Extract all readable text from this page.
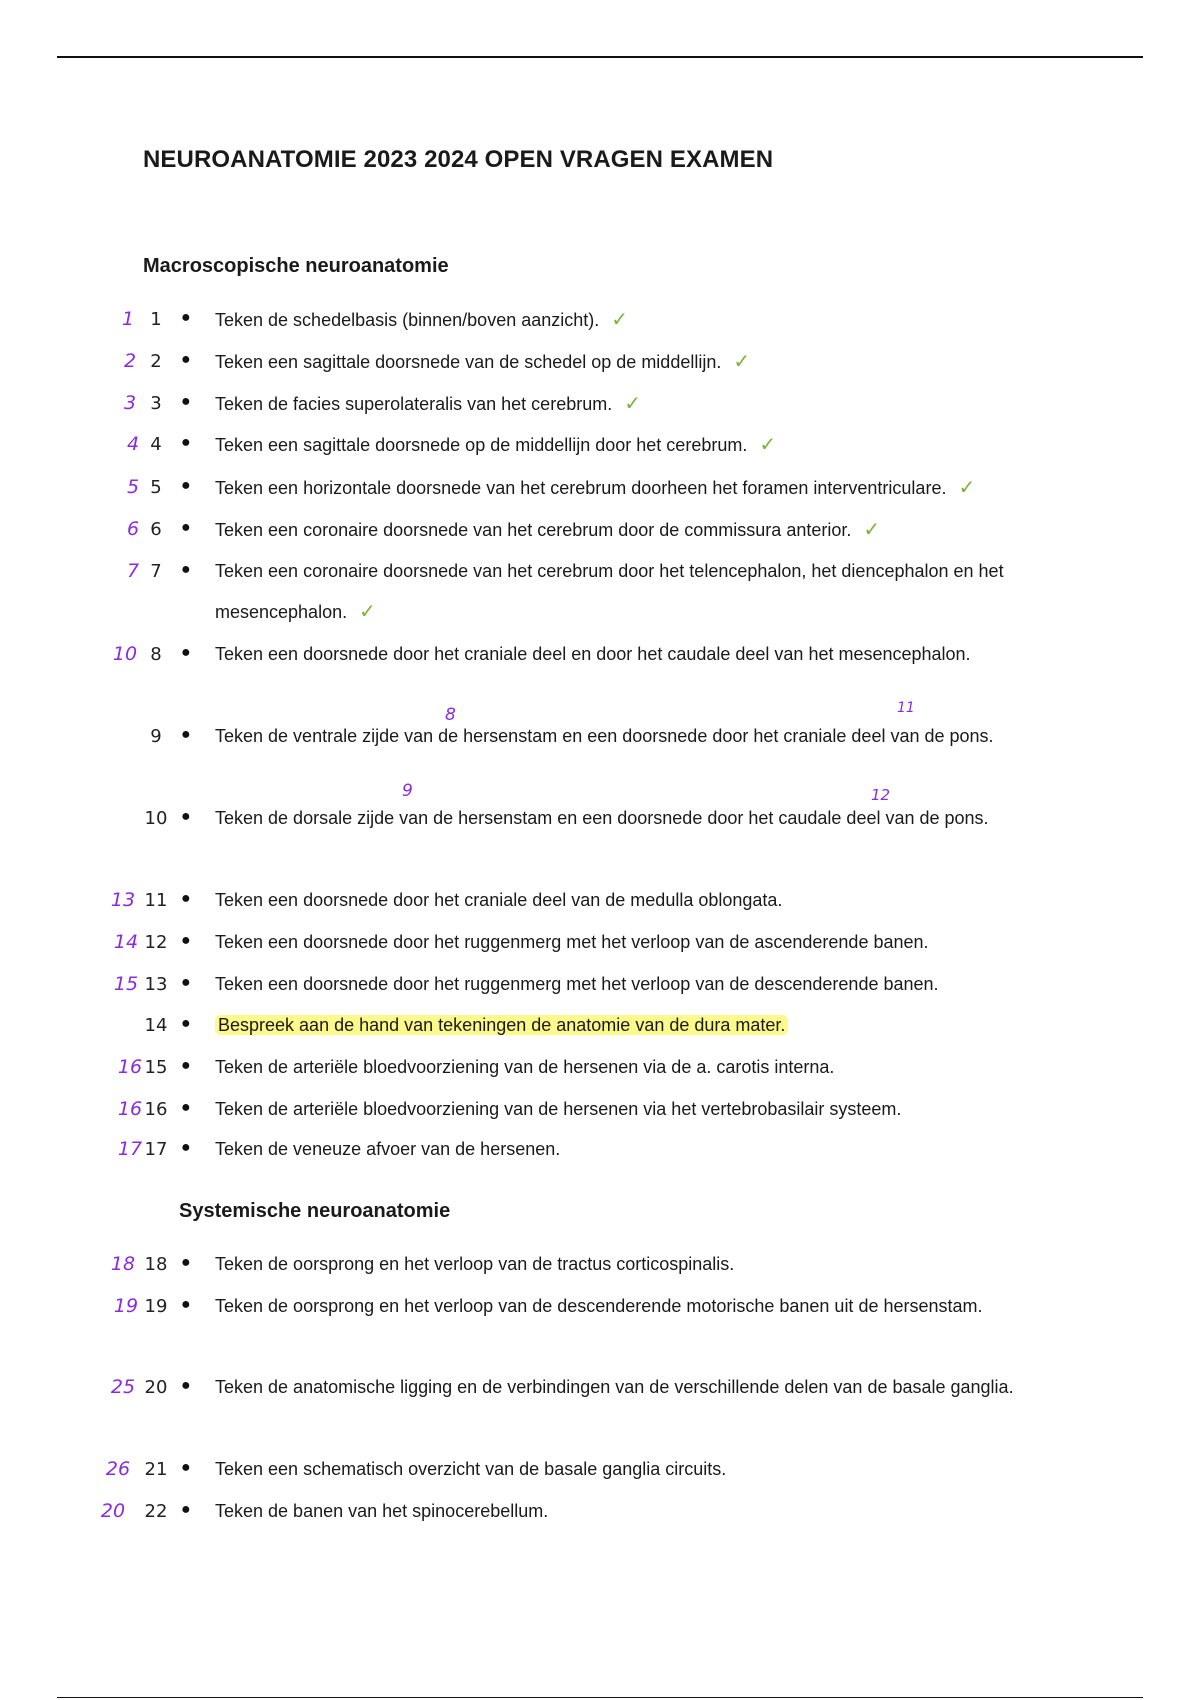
NEUROANATOMIE 2023 2024 OPEN VRAGEN EXAMEN
Macroscopische neuroanatomie
Systemische neuroanatomie
1 1	● Teken de schedelbasis (binnen/boven aanzicht). ✓
2 2	● Teken een sagittale doorsnede van de schedel op de middellijn. ✓
3 3	● Teken de facies superolateralis van het cerebrum. ✓
4 4	● Teken een sagittale doorsnede op de middellijn door het cerebrum. ✓
5 5	● Teken een horizontale doorsnede van het cerebrum doorheen het foramen interventriculare. ✓
6 6	● Teken een coronaire doorsnede van het cerebrum door de commissura anterior. ✓
7 7	● Teken een coronaire doorsnede van het cerebrum door het telencephalon, het diencephalon en het mesencephalon. ✓
10 8	● Teken een doorsnede door het craniale deel en door het caudale deel van het mesencephalon.
9	● Teken de ventrale zijde van de hersenstam en een doorsnede door het craniale deel van de pons.
10 ● Teken de dorsale zijde van de hersenstam en een doorsnede door het caudale deel van de pons.
13 11 ● Teken een doorsnede door het craniale deel van de medulla oblongata.
14 12 ● Teken een doorsnede door het ruggenmerg met het verloop van de ascenderende banen.
15 13 ● Teken een doorsnede door het ruggenmerg met het verloop van de descenderende banen.
14 ● Bespreek aan de hand van tekeningen de anatomie van de dura mater.
16 15 ● Teken de arteriële bloedvoorziening van de hersenen via de a. carotis interna.
16 16 ● Teken de arteriële bloedvoorziening van de hersenen via het vertebrobasilair systeem.
17 17 ● Teken de veneuze afvoer van de hersenen.
18 18 ● Teken de oorsprong en het verloop van de tractus corticospinalis.
19 19 ● Teken de oorsprong en het verloop van de descenderende motorische banen uit de hersenstam.
25 20 ● Teken de anatomische ligging en de verbindingen van de verschillende delen van de basale ganglia.
26 21 ● Teken een schematisch overzicht van de basale ganglia circuits.
20	22 ● Teken de banen van het spinocerebellum.
8	11
9	12
